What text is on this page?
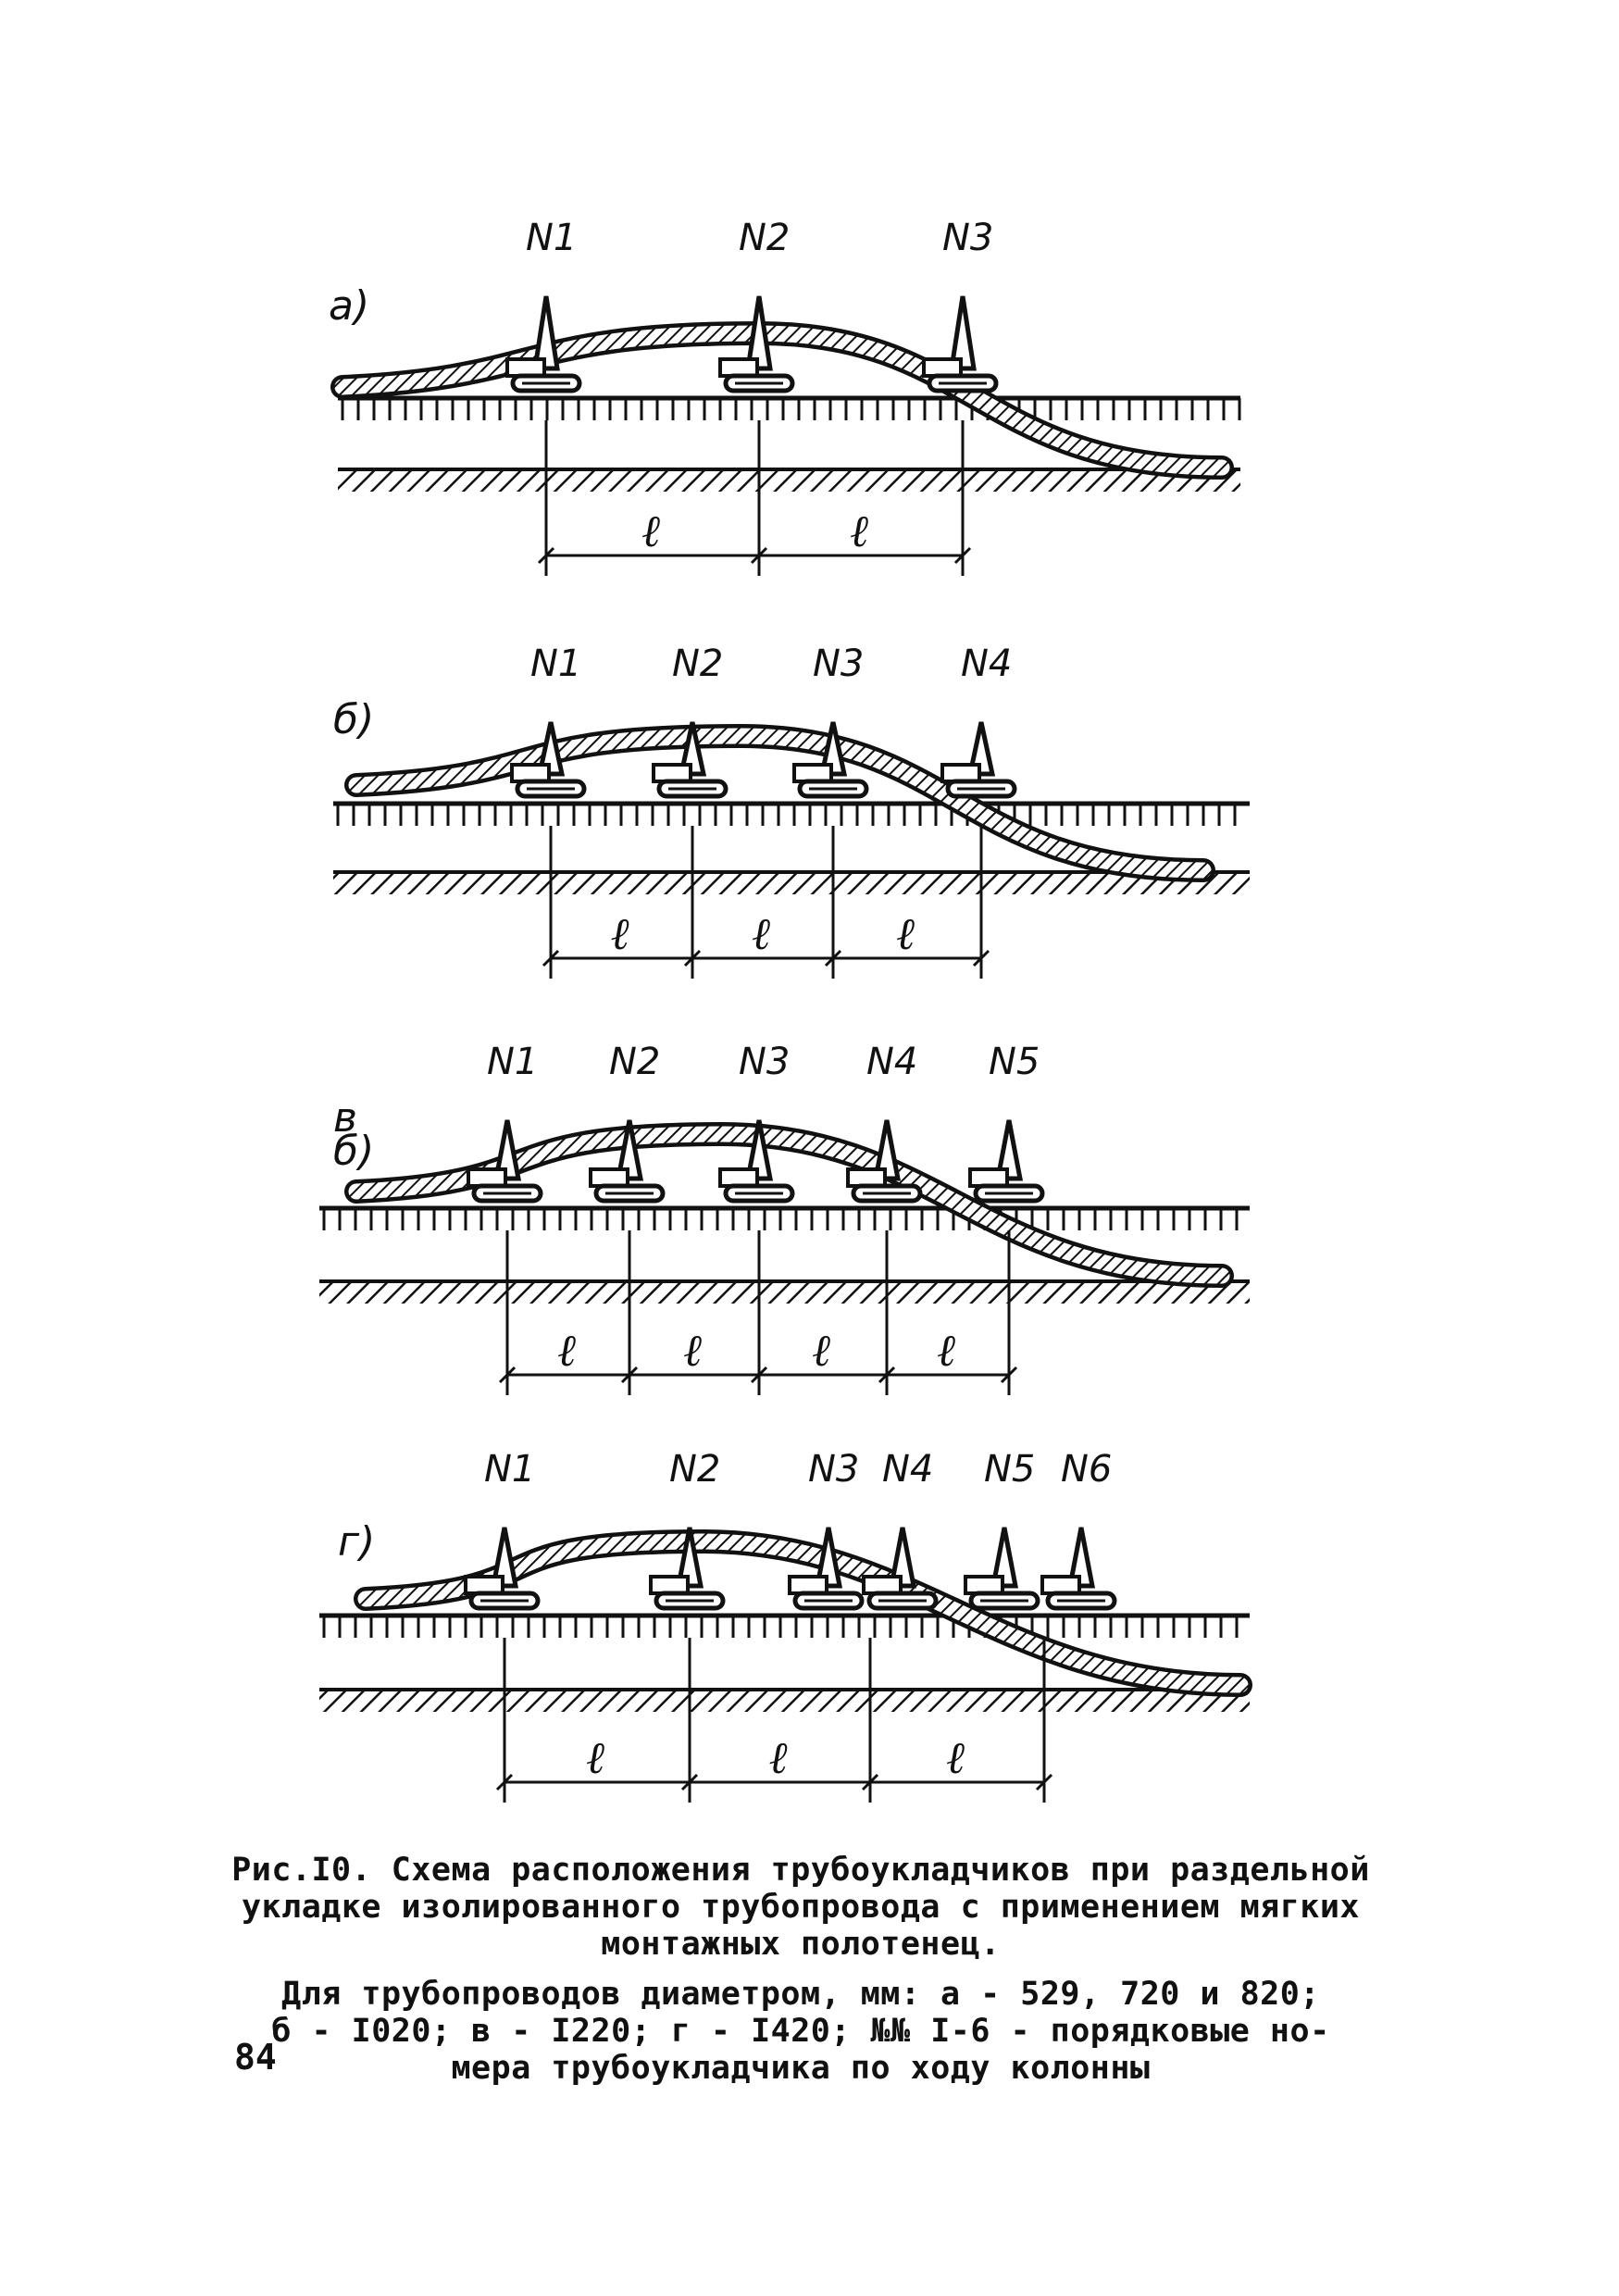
а)
N1	N2	N3
ℓ	ℓ
б)
N1 N2 N3	N4
ℓ	ℓ	ℓ
в
б)
N1 N2 N3 N4 N5
ℓ ℓ ℓ ℓ
г)
N1	N2 N3 N4 N5 N6
ℓ	ℓ	ℓ
Рис.I0. Схема расположения трубоукладчиков при раздельной
укладке изолированного трубопровода с применением мягких
монтажных полотенец.
Для трубопроводов диаметром, мм: а - 529, 720 и 820;
б - I020; в - I220; г - I420; №№ I-6 - порядковые но-
мера трубоукладчика по ходу колонны
84
